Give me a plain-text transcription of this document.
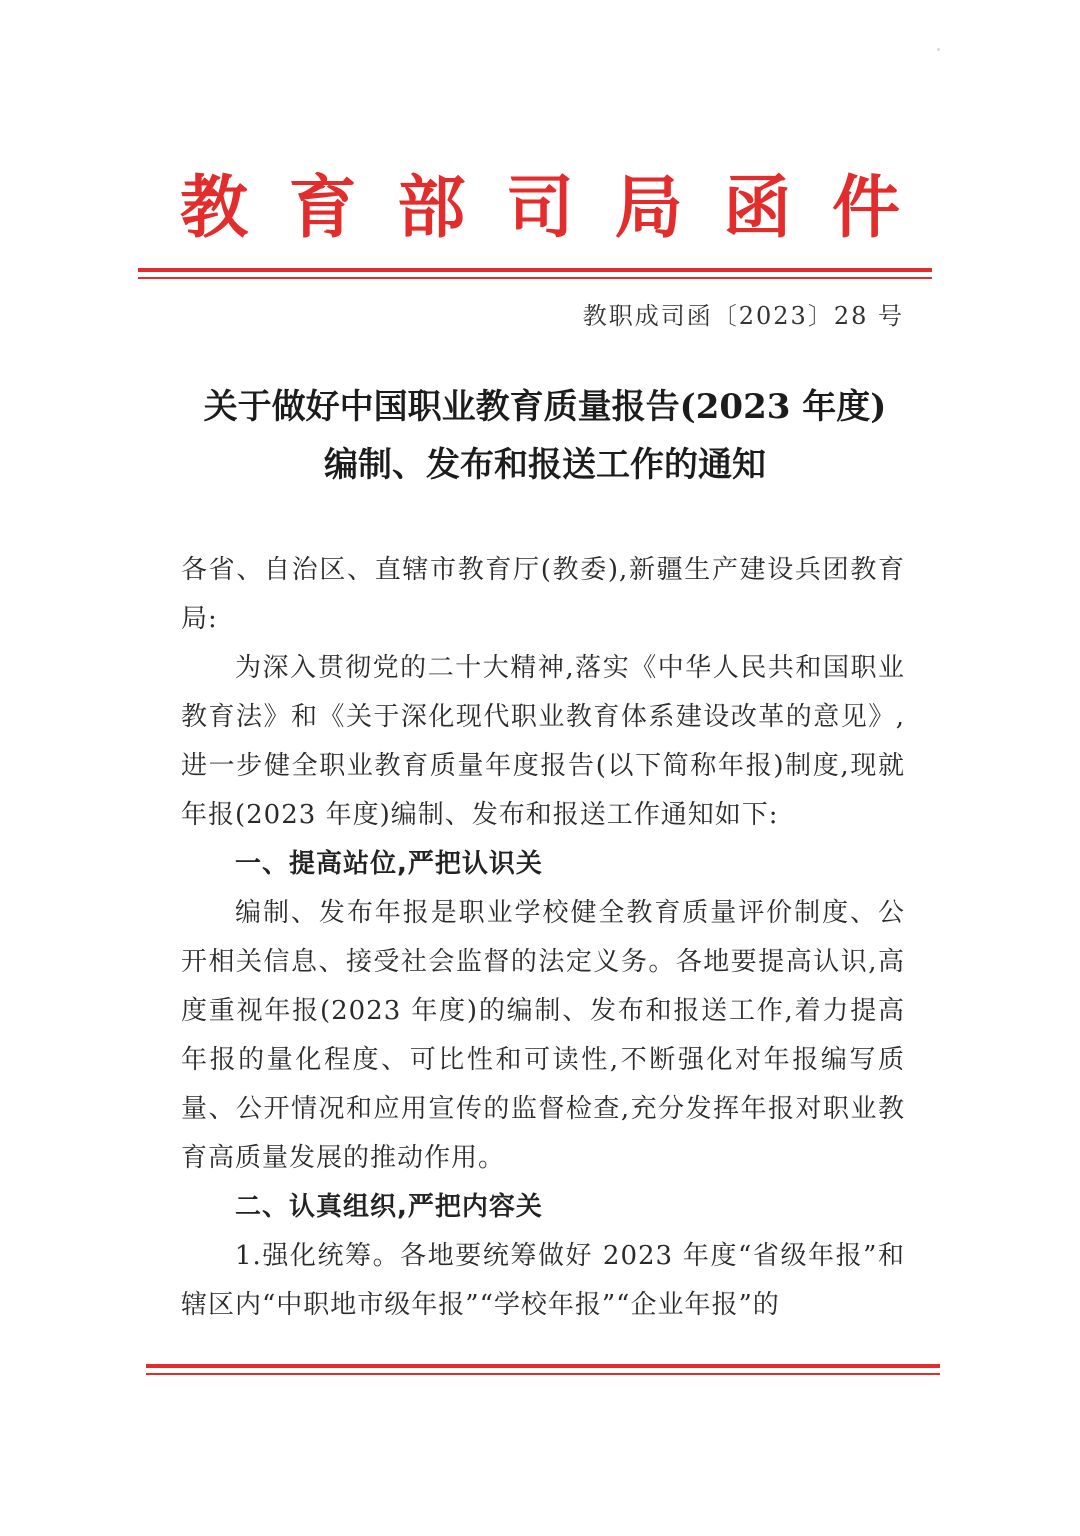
教 育 部 司 局 函 件
教职成司函〔2023〕28 号
关于做好中国职业教育质量报告(2023 年度)
编制、发布和报送工作的通知

各省、自治区、直辖市教育厅(教委),新疆生产建设兵团教育局:

为深入贯彻党的二十大精神,落实《中华人民共和国职业教育法》和《关于深化现代职业教育体系建设改革的意见》,进一步健全职业教育质量年度报告(以下简称年报)制度,现就年报(2023 年度)编制、发布和报送工作通知如下:

一、提高站位,严把认识关

编制、发布年报是职业学校健全教育质量评价制度、公开相关信息、接受社会监督的法定义务。各地要提高认识,高度重视年报(2023 年度)的编制、发布和报送工作,着力提高年报的量化程度、可比性和可读性,不断强化对年报编写质量、公开情况和应用宣传的监督检查,充分发挥年报对职业教育高质量发展的推动作用。

二、认真组织,严把内容关

1.强化统筹。各地要统筹做好 2023 年度“省级年报”和辖区内“中职地市级年报”“学校年报”“企业年报”的
